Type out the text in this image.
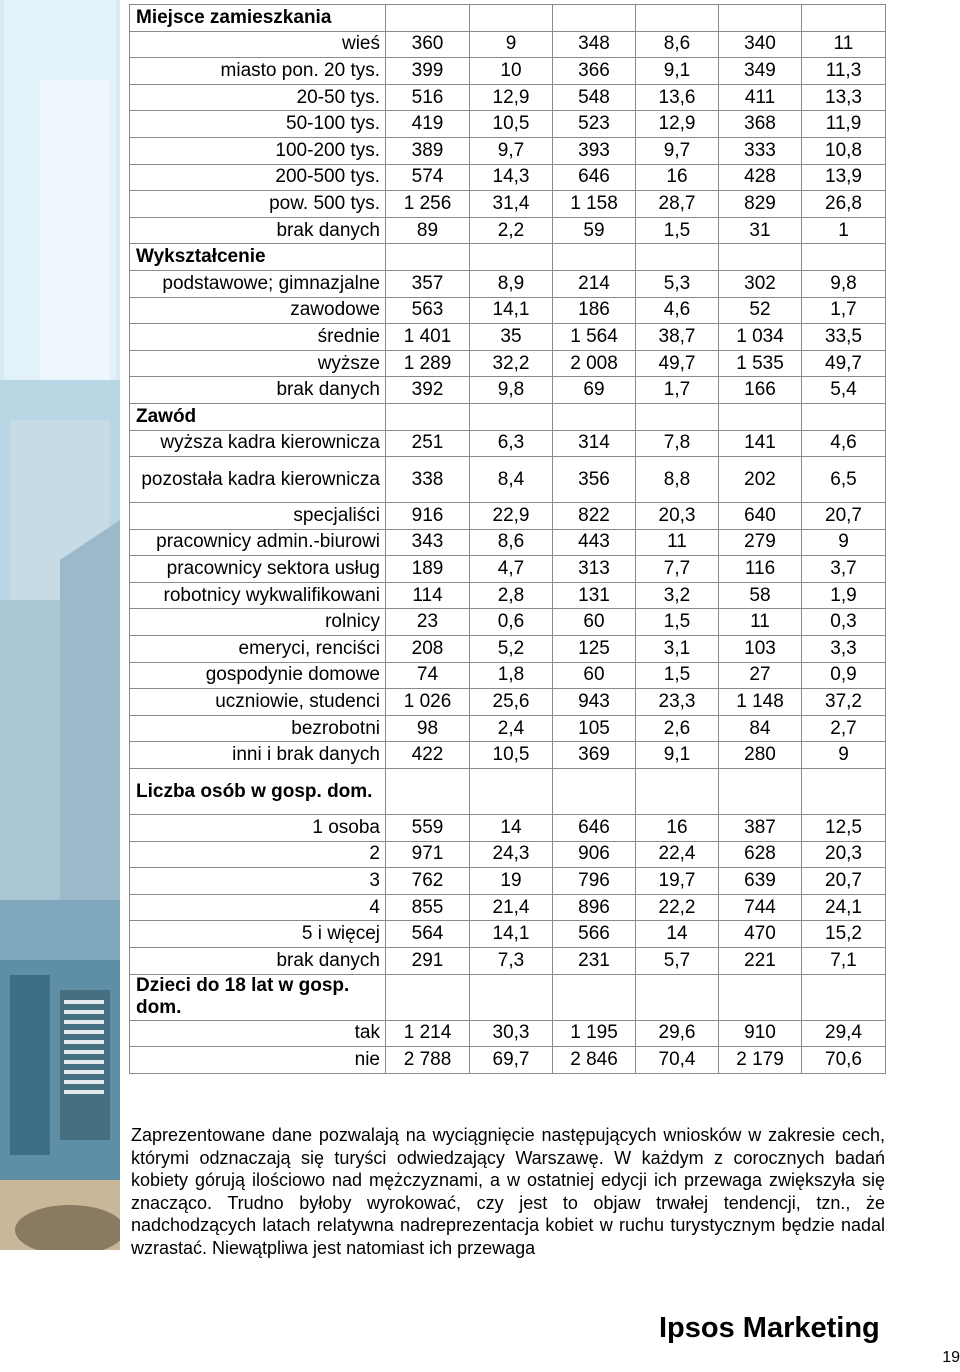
Miejsce zamieszkania						
wieś	360	9	348	8,6	340	11
miasto pon. 20 tys.	399	10	366	9,1	349	11,3
20-50 tys.	516	12,9	548	13,6	411	13,3
50-100 tys.	419	10,5	523	12,9	368	11,9
100-200 tys.	389	9,7	393	9,7	333	10,8
200-500 tys.	574	14,3	646	16	428	13,9
pow. 500 tys.	1 256	31,4	1 158	28,7	829	26,8
brak danych	89	2,2	59	1,5	31	1
Wykształcenie						
podstawowe; gimnazjalne	357	8,9	214	5,3	302	9,8
zawodowe	563	14,1	186	4,6	52	1,7
średnie	1 401	35	1 564	38,7	1 034	33,5
wyższe	1 289	32,2	2 008	49,7	1 535	49,7
brak danych	392	9,8	69	1,7	166	5,4
Zawód						
wyższa kadra kierownicza	251	6,3	314	7,8	141	4,6
pozostała kadra kierownicza	338	8,4	356	8,8	202	6,5
specjaliści	916	22,9	822	20,3	640	20,7
pracownicy admin.-biurowi	343	8,6	443	11	279	9
pracownicy sektora usług	189	4,7	313	7,7	116	3,7
robotnicy wykwalifikowani	114	2,8	131	3,2	58	1,9
rolnicy	23	0,6	60	1,5	11	0,3
emeryci, renciści	208	5,2	125	3,1	103	3,3
gospodynie domowe	74	1,8	60	1,5	27	0,9
uczniowie, studenci	1 026	25,6	943	23,3	1 148	37,2
bezrobotni	98	2,4	105	2,6	84	2,7
inni i brak danych	422	10,5	369	9,1	280	9
Liczba osób w gosp. dom.						
1 osoba	559	14	646	16	387	12,5
2	971	24,3	906	22,4	628	20,3
3	762	19	796	19,7	639	20,7
4	855	21,4	896	22,2	744	24,1
5 i więcej	564	14,1	566	14	470	15,2
brak danych	291	7,3	231	5,7	221	7,1
Dzieci do 18 lat w gosp. dom.						
tak	1 214	30,3	1 195	29,6	910	29,4
nie	2 788	69,7	2 846	70,4	2 179	70,6
Zaprezentowane dane pozwalają na wyciągnięcie następujących wniosków w zakresie cech, którymi odznaczają się turyści odwiedzający Warszawę. W każdym z corocznych badań kobiety górują ilościowo nad mężczyznami, a w ostatniej edycji ich przewaga zwiększyła się znacząco. Trudno byłoby wyrokować, czy jest to objaw trwałej tendencji, tzn., że nadchodzących latach relatywna nadreprezentacja kobiet w ruchu turystycznym będzie nadal wzrastać. Niewątpliwa jest natomiast ich przewaga
Ipsos Marketing
19
